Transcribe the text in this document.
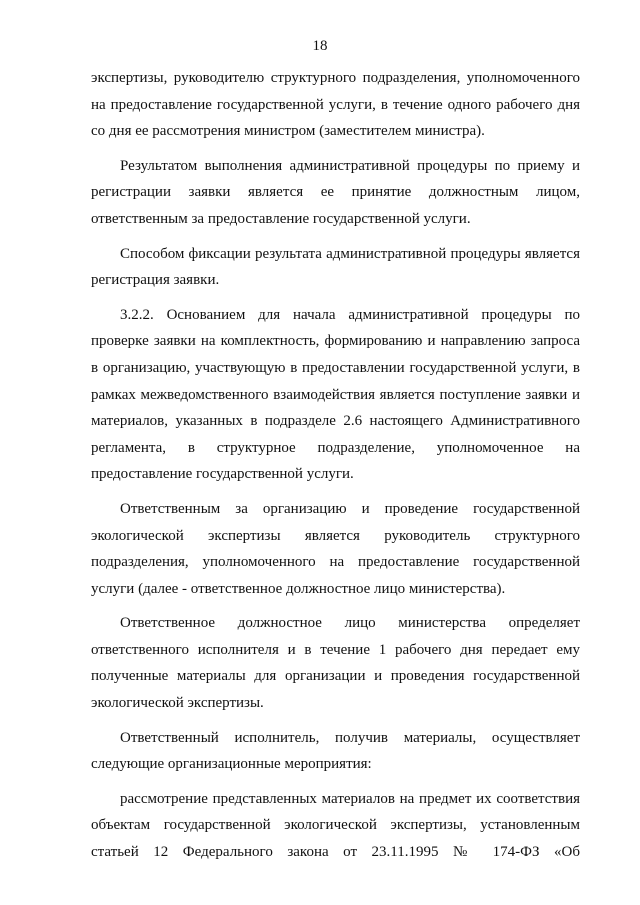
18

экспертизы, руководителю структурного подразделения, уполномоченного на предоставление государственной услуги, в течение одного рабочего дня со дня ее рассмотрения министром (заместителем министра).

Результатом выполнения административной процедуры по приему и регистрации заявки является ее принятие должностным лицом, ответственным за предоставление государственной услуги.

Способом фиксации результата административной процедуры является регистрация заявки.

3.2.2. Основанием для начала административной процедуры по проверке заявки на комплектность, формированию и направлению запроса в организацию, участвующую в предоставлении государственной услуги, в рамках межведомственного взаимодействия является поступление заявки и материалов, указанных в подразделе 2.6 настоящего Административного регламента, в структурное подразделение, уполномоченное на предоставление государственной услуги.

Ответственным за организацию и проведение государственной экологической экспертизы является руководитель структурного подразделения, уполномоченного на предоставление государственной услуги (далее - ответственное должностное лицо министерства).

Ответственное должностное лицо министерства определяет ответственного исполнителя и в течение 1 рабочего дня передает ему полученные материалы для организации и проведения государственной экологической экспертизы.

Ответственный исполнитель, получив материалы, осуществляет следующие организационные мероприятия:

рассмотрение представленных материалов на предмет их соответствия объектам государственной экологической экспертизы, установленным статьей 12 Федерального закона от 23.11.1995 № 174-ФЗ «Об
